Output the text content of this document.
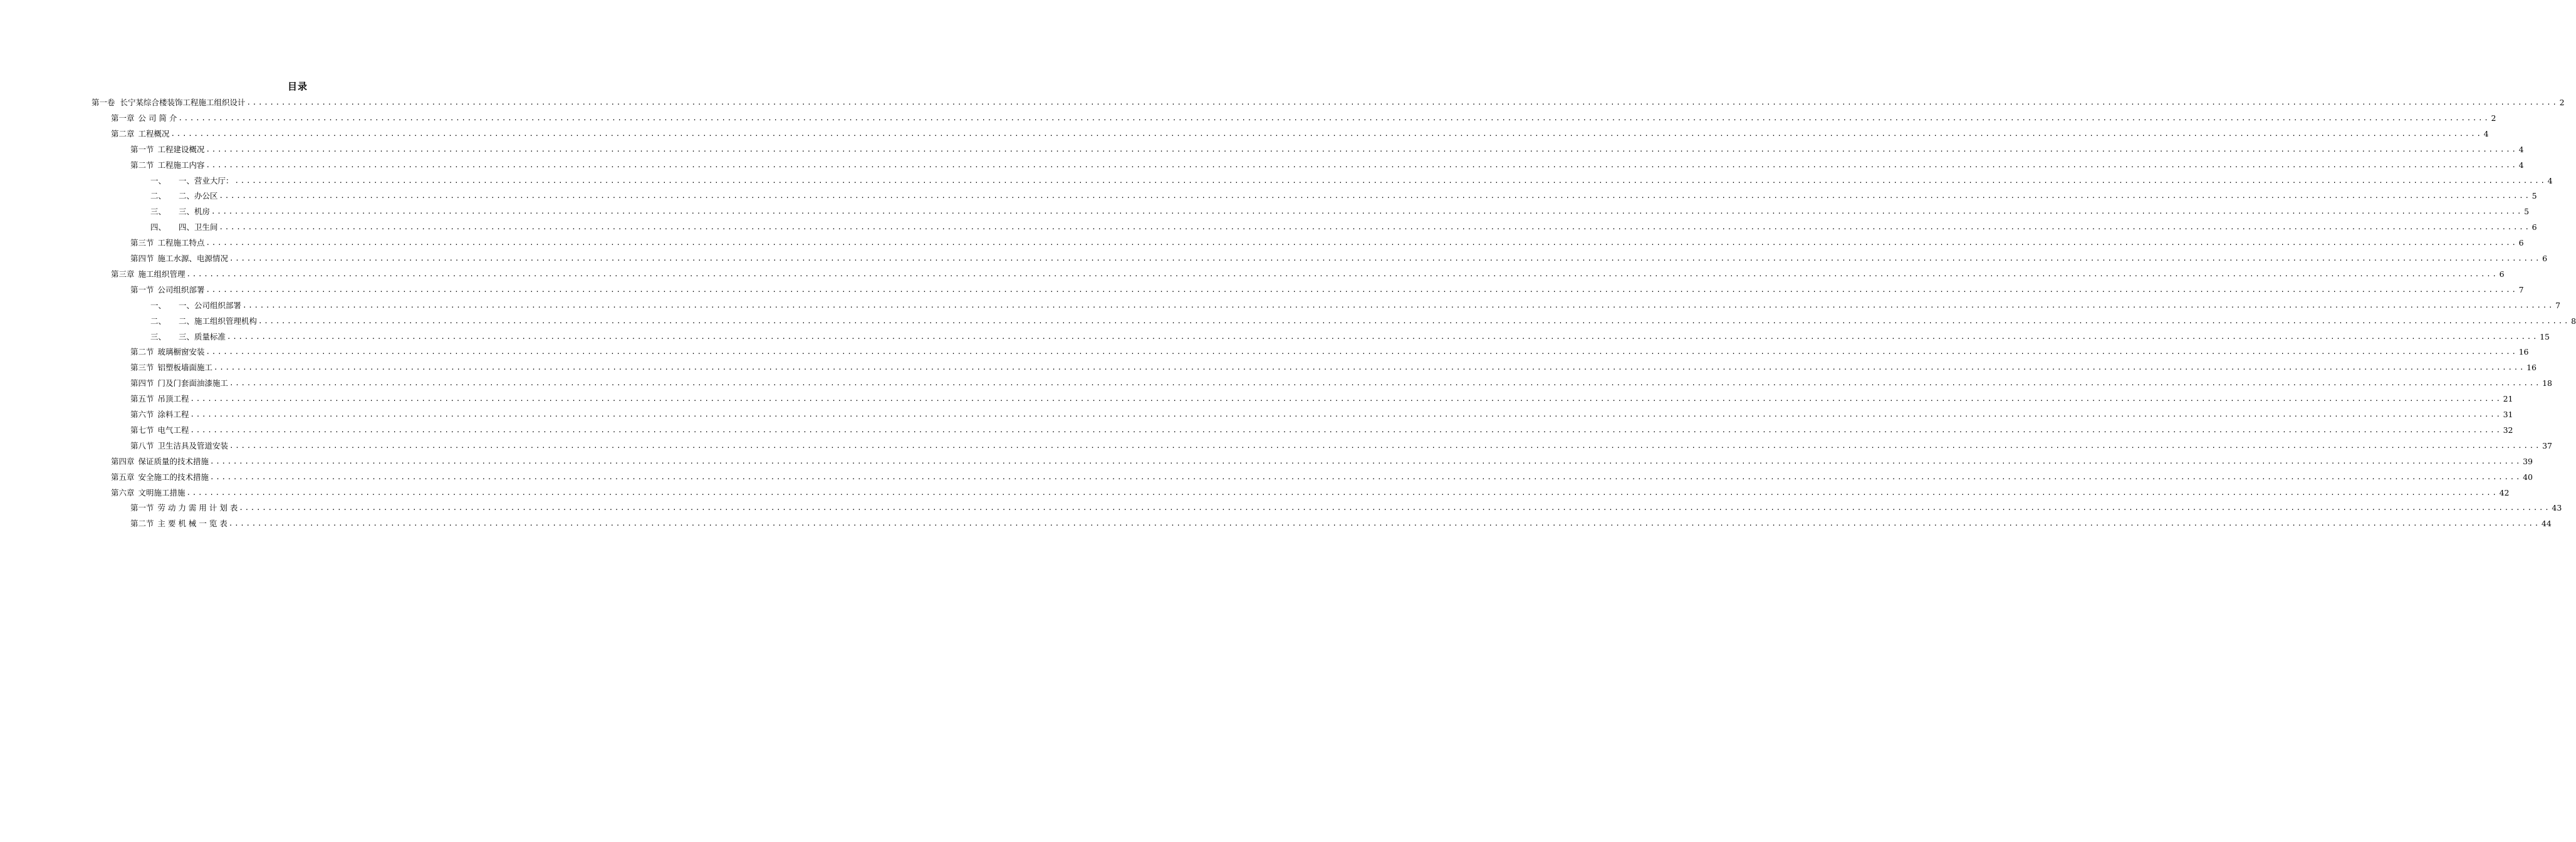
目录
第一卷 长宁某综合楼装饰工程施工组织设计 ................................................................................................................................................................................................................................................................................................................................................................................................................ 2
第一章 公 司 简 介 ................................................................................................................................................................................................................................................................................................................................................................................................................ 2
第二章 工程概况 ................................................................................................................................................................................................................................................................................................................................................................................................................ 4
第一节 工程建设概况 ................................................................................................................................................................................................................................................................................................................................................................................................................ 4
第二节 工程施工内容 ................................................................................................................................................................................................................................................................................................................................................................................................................ 4
一、 一、营业大厅： ................................................................................................................................................................................................................................................................................................................................................................................................................ 4
二、 二、办公区 ................................................................................................................................................................................................................................................................................................................................................................................................................ 5
三、 三、机房 ................................................................................................................................................................................................................................................................................................................................................................................................................ 5
四、 四、卫生间 ................................................................................................................................................................................................................................................................................................................................................................................................................ 6
第三节 工程施工特点 ................................................................................................................................................................................................................................................................................................................................................................................................................ 6
第四节 施工水源、电源情况 ................................................................................................................................................................................................................................................................................................................................................................................................................ 6
第三章 施工组织管理 ................................................................................................................................................................................................................................................................................................................................................................................................................ 6
第一节 公司组织部署 ................................................................................................................................................................................................................................................................................................................................................................................................................ 7
一、 一、公司组织部署 ................................................................................................................................................................................................................................................................................................................................................................................................................ 7
二、 二、施工组织管理机构 ................................................................................................................................................................................................................................................................................................................................................................................................................ 8
三、 三、质量标准 ................................................................................................................................................................................................................................................................................................................................................................................................................ 15
第二节 玻璃橱窗安装 ................................................................................................................................................................................................................................................................................................................................................................................................................ 16
第三节 铝塑板墙面施工 ................................................................................................................................................................................................................................................................................................................................................................................................................ 16
第四节 门及门套面油漆施工 ................................................................................................................................................................................................................................................................................................................................................................................................................ 18
第五节 吊顶工程 ................................................................................................................................................................................................................................................................................................................................................................................................................ 21
第六节 涂料工程 ................................................................................................................................................................................................................................................................................................................................................................................................................ 31
第七节 电气工程 ................................................................................................................................................................................................................................................................................................................................................................................................................ 32
第八节 卫生洁具及管道安装 ................................................................................................................................................................................................................................................................................................................................................................................................................ 37
第四章 保证质量的技术措施 ................................................................................................................................................................................................................................................................................................................................................................................................................ 39
第五章 安全施工的技术措施 ................................................................................................................................................................................................................................................................................................................................................................................................................ 40
第六章 文明施工措施 ................................................................................................................................................................................................................................................................................................................................................................................................................ 42
第一节 劳 动 力 需 用 计 划 表 ................................................................................................................................................................................................................................................................................................................................................................................................................ 43
第二节 主 要 机 械 一 览 表 ................................................................................................................................................................................................................................................................................................................................................................................................................ 44
